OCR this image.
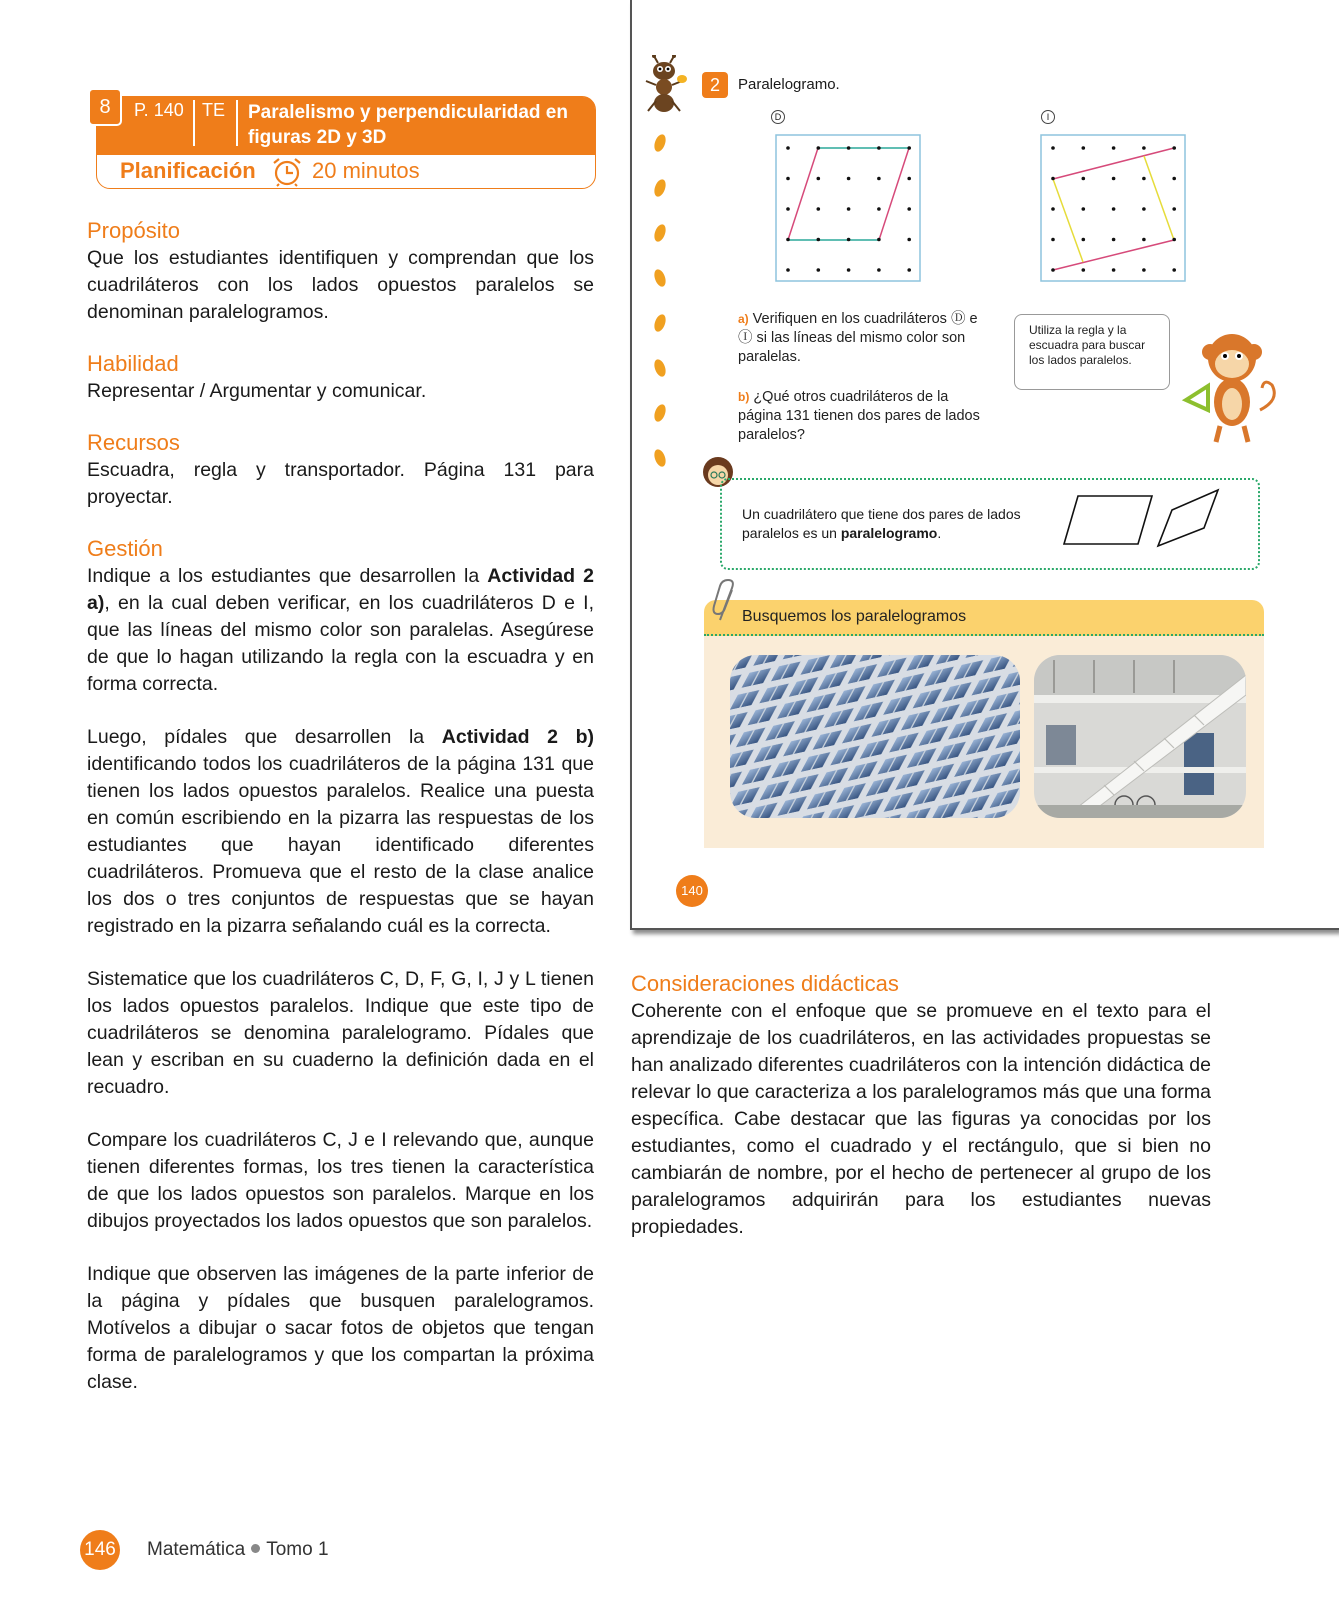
8	P. 140 TE Paralelismo y perpendicularidad en figuras 2D y 3D
Planificación	20 minutos
Propósito
Que los estudiantes identifiquen y comprendan que los cuadriláteros con los lados opuestos paralelos se denominan paralelogramos.
Habilidad
Representar / Argumentar y comunicar.
Recursos
Escuadra, regla y transportador. Página 131 para proyectar.
Gestión
Indique a los estudiantes que desarrollen la Actividad 2 a), en la cual deben verificar, en los cuadriláteros D e I, que las líneas del mismo color son paralelas. Asegúrese de que lo hagan utilizando la regla con la escuadra y en forma correcta.
Luego, pídales que desarrollen la Actividad 2 b) identificando todos los cuadriláteros de la página 131 que tienen los lados opuestos paralelos. Realice una puesta en común escribiendo en la pizarra las respuestas de los estudiantes que hayan identificado diferentes cuadriláteros. Promueva que el resto de la clase analice los dos o tres conjuntos de respuestas que se hayan registrado en la pizarra señalando cuál es la correcta.
Sistematice que los cuadriláteros C, D, F, G, I, J y L tienen los lados opuestos paralelos. Indique que este tipo de cuadriláteros se denomina paralelogramo. Pídales que lean y escriban en su cuaderno la definición dada en el recuadro.
Compare los cuadriláteros C, J e I relevando que, aunque tienen diferentes formas, los tres tienen la característica de que los lados opuestos son paralelos. Marque en los dibujos proyectados los lados opuestos que son paralelos.
Indique que observen las imágenes de la parte inferior de la página y pídales que busquen paralelogramos. Motívelos a dibujar o sacar fotos de objetos que tengan forma de paralelogramos y que los compartan la próxima clase.
146 Matemática Tomo 1
2	Paralelogramo.
D	I
a) Verifiquen en los cuadriláteros Ⓓ e Ⓘ si las líneas del mismo color son paralelas.
b) ¿Qué otros cuadriláteros de la página 131 tienen dos pares de lados paralelos?
Utiliza la regla y la escuadra para buscar los lados paralelos.
Un cuadrilátero que tiene dos pares de lados paralelos es un paralelogramo.
Busquemos los paralelogramos
140
Consideraciones didácticas
Coherente con el enfoque que se promueve en el texto para el aprendizaje de los cuadriláteros, en las actividades propuestas se han analizado diferentes cuadriláteros con la intención didáctica de relevar lo que caracteriza a los paralelogramos más que una forma específica. Cabe destacar que las figuras ya conocidas por los estudiantes, como el cuadrado y el rectángulo, que si bien no cambiarán de nombre, por el hecho de pertenecer al grupo de los paralelogramos adquirirán para los estudiantes nuevas propiedades.
